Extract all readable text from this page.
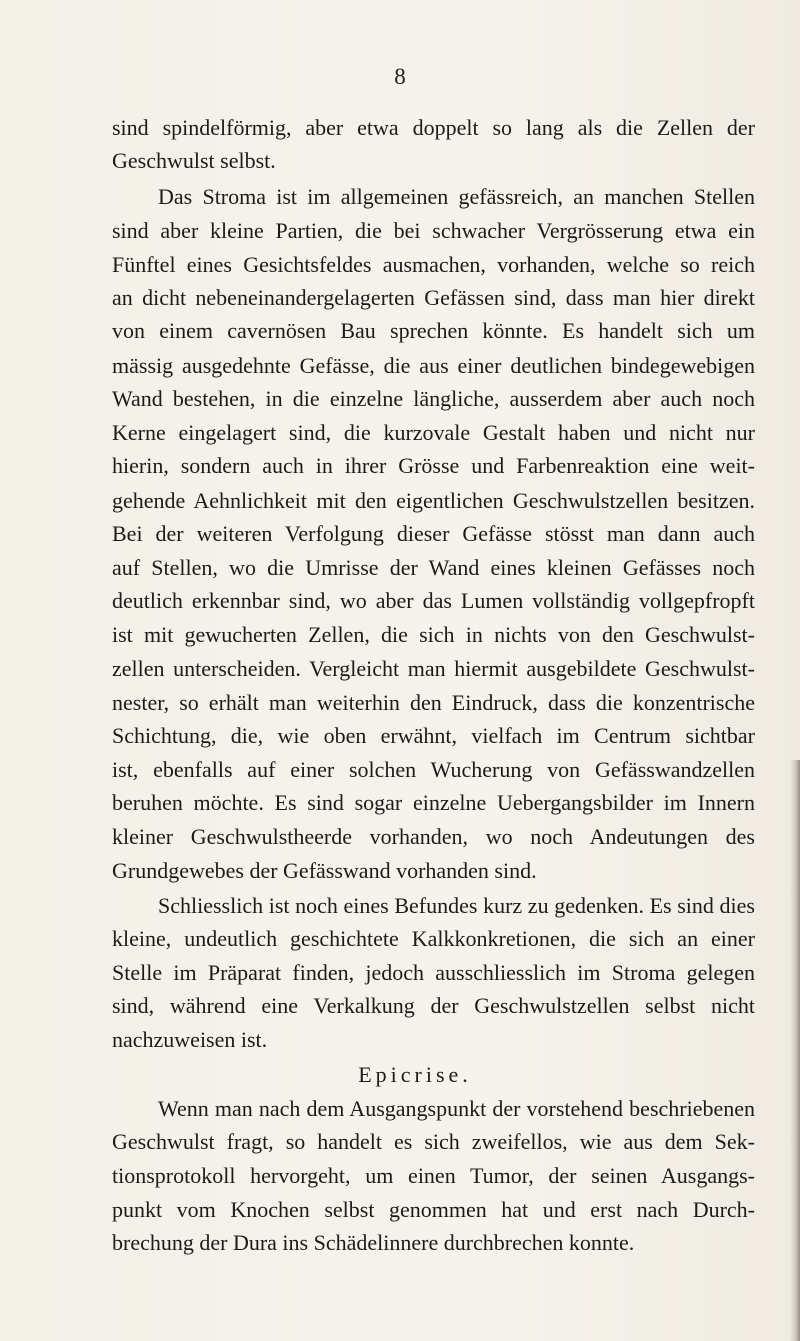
8
sind spindelförmig, aber etwa doppelt so lang als die Zellen der
Geschwulst selbst.
Das Stroma ist im allgemeinen gefässreich, an manchen Stellen
sind aber kleine Partien, die bei schwacher Vergrösserung etwa ein
Fünftel eines Gesichtsfeldes ausmachen, vorhanden, welche so reich
an dicht nebeneinandergelagerten Gefässen sind, dass man hier direkt
von einem cavernösen Bau sprechen könnte. Es handelt sich um
mässig ausgedehnte Gefässe, die aus einer deutlichen bindegewebigen
Wand bestehen, in die einzelne längliche, ausserdem aber auch noch
Kerne eingelagert sind, die kurzovale Gestalt haben und nicht nur
hierin, sondern auch in ihrer Grösse und Farbenreaktion eine weit-
gehende Aehnlichkeit mit den eigentlichen Geschwulstzellen besitzen.
Bei der weiteren Verfolgung dieser Gefässe stösst man dann auch
auf Stellen, wo die Umrisse der Wand eines kleinen Gefässes noch
deutlich erkennbar sind, wo aber das Lumen vollständig vollgepfropft
ist mit gewucherten Zellen, die sich in nichts von den Geschwulst-
zellen unterscheiden. Vergleicht man hiermit ausgebildete Geschwulst-
nester, so erhält man weiterhin den Eindruck, dass die konzentrische
Schichtung, die, wie oben erwähnt, vielfach im Centrum sichtbar
ist, ebenfalls auf einer solchen Wucherung von Gefässwandzellen
beruhen möchte. Es sind sogar einzelne Uebergangsbilder im Innern
kleiner Geschwulstheerde vorhanden, wo noch Andeutungen des
Grundgewebes der Gefässwand vorhanden sind.
Schliesslich ist noch eines Befundes kurz zu gedenken. Es sind dies
kleine, undeutlich geschichtete Kalkkonkretionen, die sich an einer
Stelle im Präparat finden, jedoch ausschliesslich im Stroma gelegen
sind, während eine Verkalkung der Geschwulstzellen selbst nicht
nachzuweisen ist.
Epicrise.
Wenn man nach dem Ausgangspunkt der vorstehend beschriebenen
Geschwulst fragt, so handelt es sich zweifellos, wie aus dem Sek-
tionsprotokoll hervorgeht, um einen Tumor, der seinen Ausgangs-
punkt vom Knochen selbst genommen hat und erst nach Durch-
brechung der Dura ins Schädelinnere durchbrechen konnte.
